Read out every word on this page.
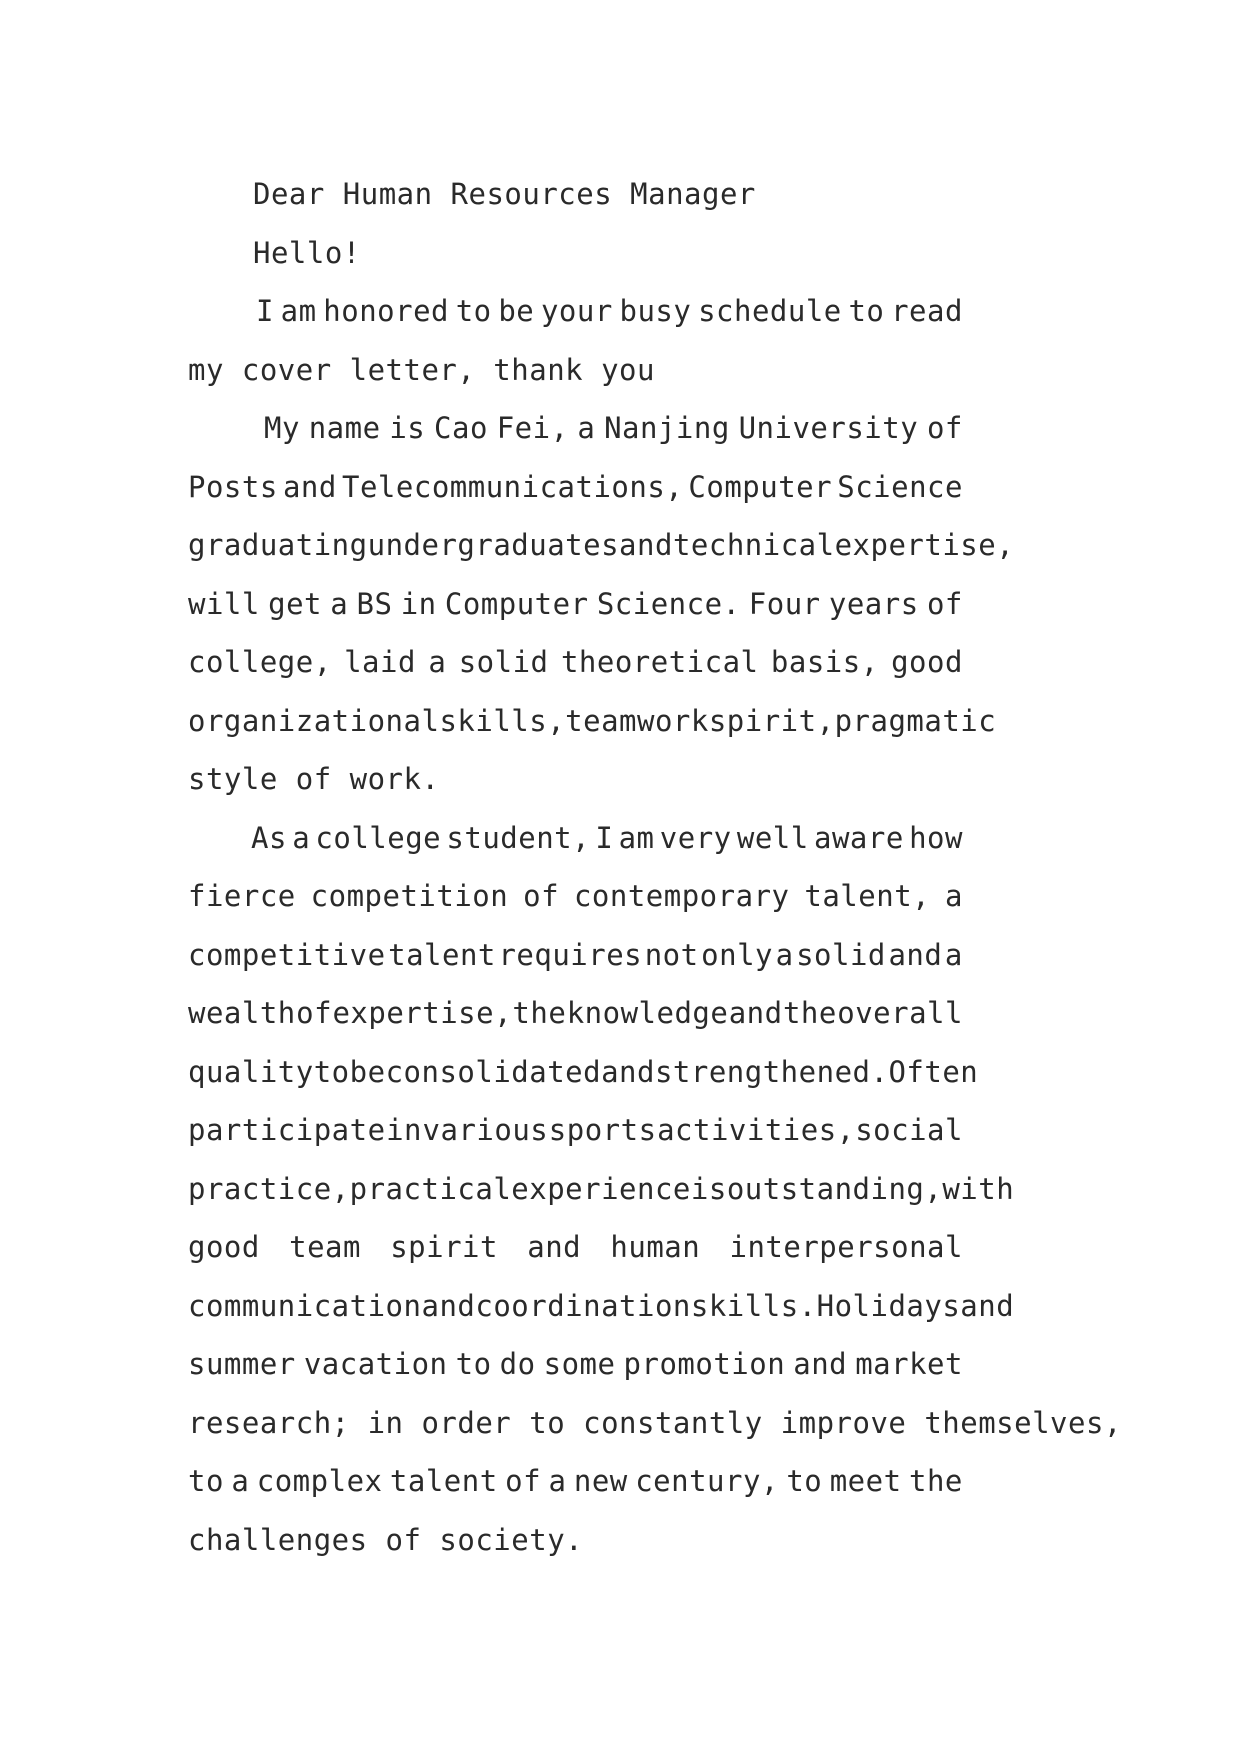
Dear Human Resources Manager
Hello!
I am honored to be your busy schedule to read
my cover letter, thank you
My name is Cao Fei, a Nanjing University of
Posts and Telecommunications, Computer Science
graduating undergraduates and technical expertise,
will get a BS in Computer Science. Four years of
college, laid a solid theoretical basis, good
organizational skills, teamwork spirit, pragmatic
style of work.
As a college student, I am very well aware how
fierce competition of contemporary talent, a
competitive talent requires not only a solid and a
wealth of expertise, the knowledge and the overall
quality to be consolidated and strengthened. Often
participate in various sports activities, social
practice, practical experience is outstanding, with
good team spirit and human interpersonal
communication and coordination skills. Holidays and
summer vacation to do some promotion and market
research; in order to constantly improve themselves,
to a complex talent of a new century, to meet the
challenges of society.
